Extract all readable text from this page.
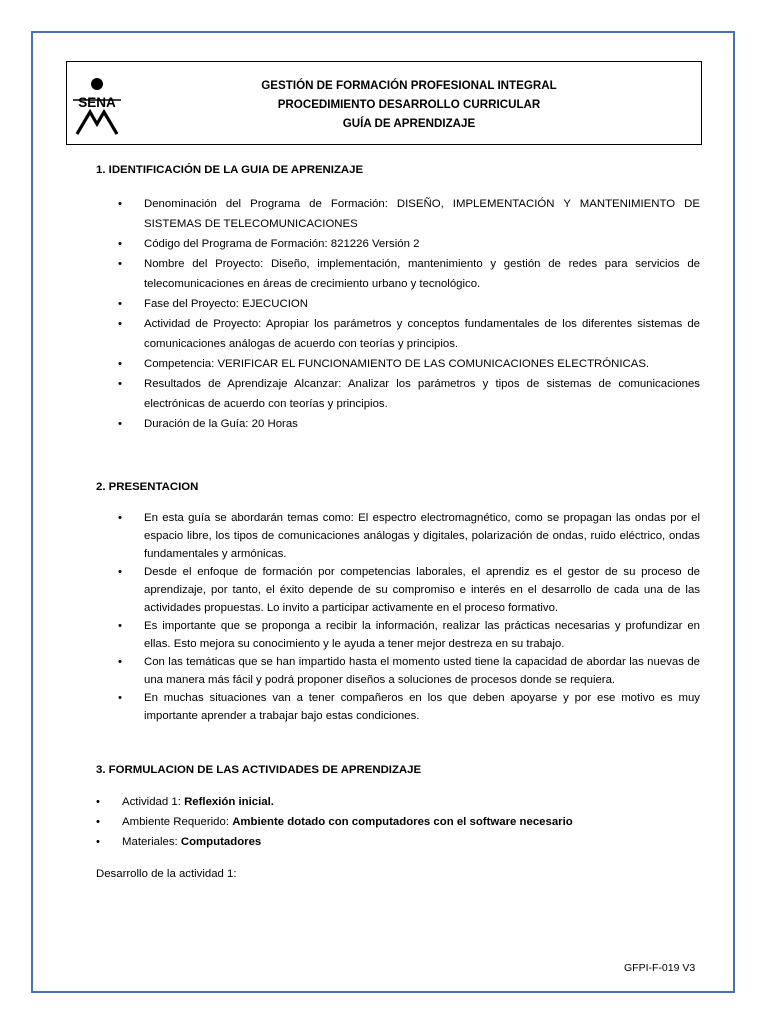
SENA
GESTIÓN DE FORMACIÓN PROFESIONAL INTEGRAL
PROCEDIMIENTO DESARROLLO CURRICULAR
GUÍA DE APRENDIZAJE
1. IDENTIFICACIÓN DE LA GUIA DE APRENIZAJE
• Denominación del Programa de Formación: DISEÑO, IMPLEMENTACIÓN Y MANTENIMIENTO DE SISTEMAS DE TELECOMUNICACIONES
• Código del Programa de Formación: 821226 Versión 2
• Nombre del Proyecto: Diseño, implementación, mantenimiento y gestión de redes para servicios de telecomunicaciones en áreas de crecimiento urbano y tecnológico.
• Fase del Proyecto: EJECUCION
• Actividad de Proyecto: Apropiar los parámetros y conceptos fundamentales de los diferentes sistemas de comunicaciones análogas de acuerdo con teorías y principios.
• Competencia: VERIFICAR EL FUNCIONAMIENTO DE LAS COMUNICACIONES ELECTRÓNICAS.
• Resultados de Aprendizaje Alcanzar: Analizar los parámetros y tipos de sistemas de comunicaciones electrónicas de acuerdo con teorías y principios.
• Duración de la Guía: 20 Horas
2. PRESENTACION
• En esta guía se abordarán temas como: El espectro electromagnético, como se propagan las ondas por el espacio libre, los tipos de comunicaciones análogas y digitales, polarización de ondas, ruido eléctrico, ondas fundamentales y armónicas.
• Desde el enfoque de formación por competencias laborales, el aprendiz es el gestor de su proceso de aprendizaje, por tanto, el éxito depende de su compromiso e interés en el desarrollo de cada una de las actividades propuestas. Lo invito a participar activamente en el proceso formativo.
• Es importante que se proponga a recibir la información, realizar las prácticas necesarias y profundizar en ellas. Esto mejora su conocimiento y le ayuda a tener mejor destreza en su trabajo.
• Con las temáticas que se han impartido hasta el momento usted tiene la capacidad de abordar las nuevas de una manera más fácil y podrá proponer diseños a soluciones de procesos donde se requiera.
• En muchas situaciones van a tener compañeros en los que deben apoyarse y por ese motivo es muy importante aprender a trabajar bajo estas condiciones.
3. FORMULACION DE LAS ACTIVIDADES DE APRENDIZAJE
• Actividad 1: Reflexión inicial.
• Ambiente Requerido: Ambiente dotado con computadores con el software necesario
• Materiales: Computadores
Desarrollo de la actividad 1:
GFPI-F-019 V3
